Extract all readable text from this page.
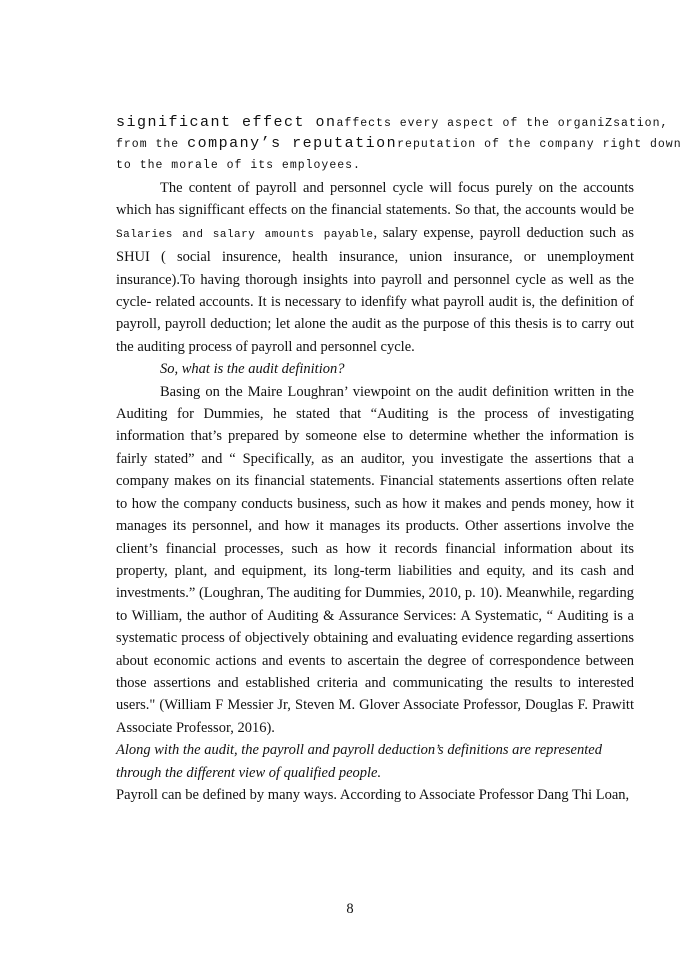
significant effect onaffects every aspect of the organiZsation,
from the company’s reputationreputation of the company right down
to the morale of its employees.

The content of payroll and personnel cycle will focus purely on the accounts which has signifficant effects on the financial statements. So that, the accounts would be Salaries and salary amounts payable, salary expense, payroll deduction such as SHUI ( social insurence, health insurance, union insurance, or unemployment insurance).To having thorough insights into payroll and personnel cycle as well as the cycle- related accounts. It is necessary to idenfify what payroll audit is, the definition of payroll, payroll deduction; let alone the audit as the purpose of this thesis is to carry out the auditing process of payroll and personnel cycle.

So, what is the audit definition?

Basing on the Maire Loughran’ viewpoint on the audit definition written in the Auditing for Dummies, he stated that “Auditing is the process of investigating information that’s prepared by someone else to determine whether the information is fairly stated” and “ Specifically, as an auditor, you investigate the assertions that a company makes on its financial statements. Financial statements assertions often relate to how the company conducts business, such as how it makes and pends money, how it manages its personnel, and how it manages its products. Other assertions involve the client’s financial processes, such as how it records financial information about its property, plant, and equipment, its long-term liabilities and equity, and its cash and investments.” (Loughran, The auditing for Dummies, 2010, p. 10). Meanwhile, regarding to William, the author of Auditing & Assurance Services: A Systematic, “ Auditing is a systematic process of objectively obtaining and evaluating evidence regarding assertions about economic actions and events to ascertain the degree of correspondence between those assertions and established criteria and communicating the results to interested users." (William F Messier Jr, Steven M. Glover Associate Professor, Douglas F. Prawitt Associate Professor, 2016).

Along with the audit, the payroll and payroll deduction’s definitions are represented through the different view of qualified people.

Payroll can be defined by many ways. According to Associate Professor Dang Thi Loan,

8
